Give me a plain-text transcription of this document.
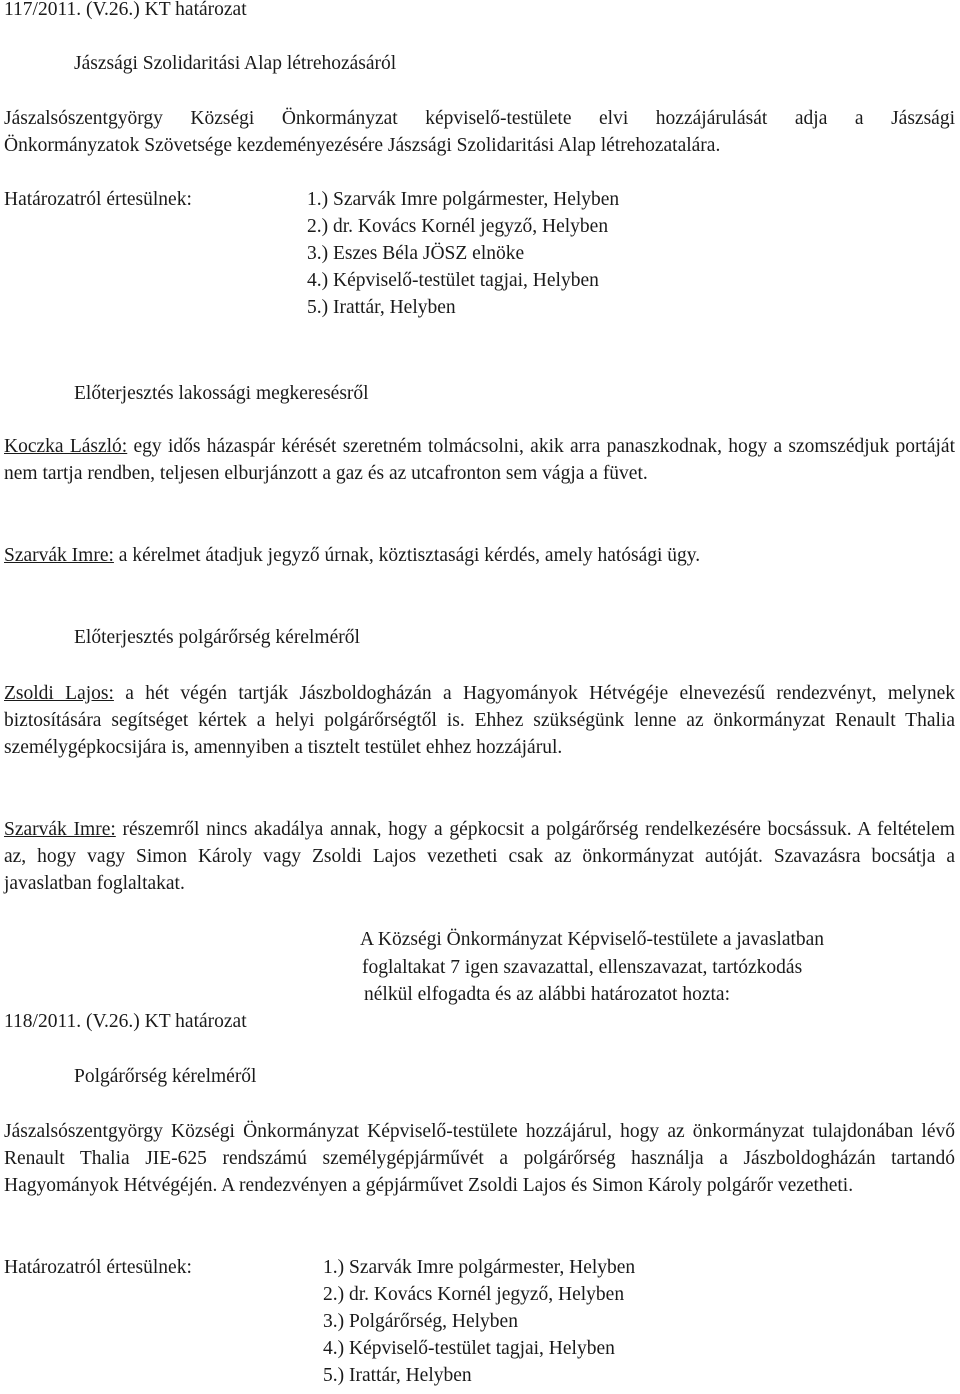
117/2011. (V.26.) KT határozat

Jászsági Szolidaritási Alap létrehozásáról

Jászalsószentgyörgy Községi Önkormányzat képviselő-testülete elvi hozzájárulását adja a Jászsági

Önkormányzatok Szövetsége kezdeményezésére Jászsági Szolidaritási Alap létrehozatalára.

Határozatról értesülnek:	1.) Szarvák Imre polgármester, Helyben
2.) dr. Kovács Kornél jegyző, Helyben
3.) Eszes Béla JÖSZ elnöke
4.) Képviselő-testület tagjai, Helyben
5.) Irattár, Helyben

Előterjesztés lakossági megkeresésről

Koczka László: egy idős házaspár kérését szeretném tolmácsolni, akik arra panaszkodnak, hogy a szomszédjuk portáját nem tartja rendben, teljesen elburjánzott a gaz és az utcafronton sem vágja a füvet.

Szarvák Imre: a kérelmet átadjuk jegyző úrnak, köztisztasági kérdés, amely hatósági ügy.

Előterjesztés polgárőrség kérelméről

Zsoldi Lajos: a hét végén tartják Jászboldogházán a Hagyományok Hétvégéje elnevezésű rendezvényt, melynek biztosítására segítséget kértek a helyi polgárőrségtől is. Ehhez szükségünk lenne az önkormányzat Renault Thalia személygépkocsijára is, amennyiben a tisztelt testület ehhez hozzájárul.

Szarvák Imre: részemről nincs akadálya annak, hogy a gépkocsit a polgárőrség rendelkezésére bocsássuk. A feltételem az, hogy vagy Simon Károly vagy Zsoldi Lajos vezetheti csak az önkormányzat autóját. Szavazásra bocsátja a javaslatban foglaltakat.

A Községi Önkormányzat Képviselő-testülete a javaslatban

foglaltakat 7 igen szavazattal, ellenszavazat, tartózkodás

nélkül elfogadta és az alábbi határozatot hozta:

118/2011. (V.26.) KT határozat

Polgárőrség kérelméről

Jászalsószentgyörgy Községi Önkormányzat Képviselő-testülete hozzájárul, hogy az önkormányzat tulajdonában lévő Renault Thalia JIE-625 rendszámú személygépjárművét a polgárőrség használja a Jászboldogházán tartandó Hagyományok Hétvégéjén. A rendezvényen a gépjárművet Zsoldi Lajos és Simon Károly polgárőr vezetheti.

Határozatról értesülnek:	1.) Szarvák Imre polgármester, Helyben
2.) dr. Kovács Kornél jegyző, Helyben
3.) Polgárőrség, Helyben
4.) Képviselő-testület tagjai, Helyben
5.) Irattár, Helyben
